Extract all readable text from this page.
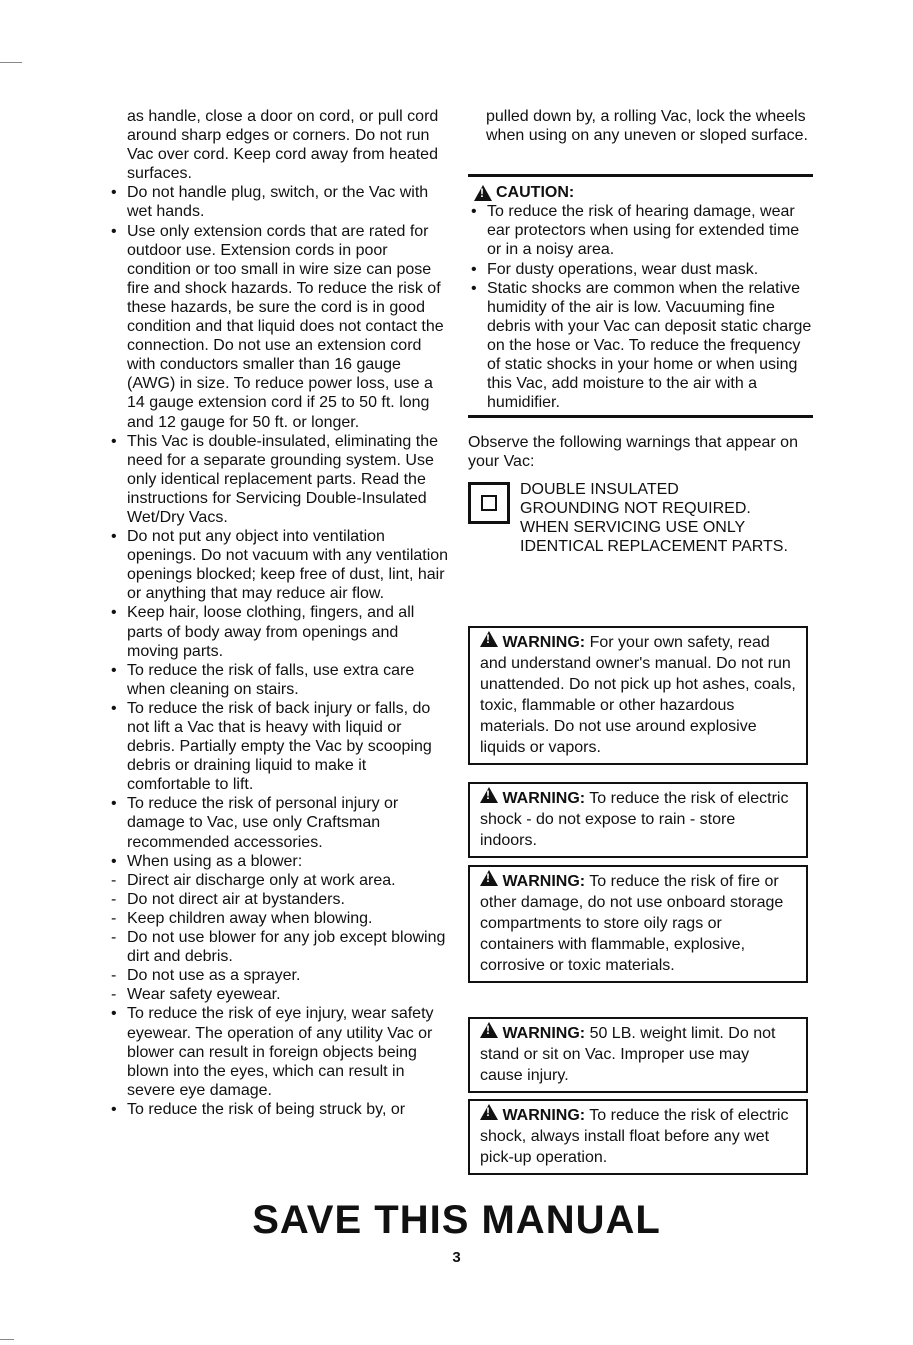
as handle, close a door on cord, or pull cord around sharp edges or corners. Do not run Vac over cord. Keep cord away from heated surfaces.
• Do not handle plug, switch, or the Vac with wet hands.
• Use only extension cords that are rated for outdoor use. Extension cords in poor condition or too small in wire size can pose fire and shock hazards. To reduce the risk of these hazards, be sure the cord is in good condition and that liquid does not contact the connection. Do not use an extension cord with conductors smaller than 16 gauge (AWG) in size. To reduce power loss, use a 14 gauge extension cord if 25 to 50 ft. long and 12 gauge for 50 ft. or longer.
• This Vac is double-insulated, eliminating the need for a separate grounding system. Use only identical replacement parts. Read the instructions for Servicing Double-Insulated Wet/Dry Vacs.
• Do not put any object into ventilation openings. Do not vacuum with any ventilation openings blocked; keep free of dust, lint, hair or anything that may reduce air flow.
• Keep hair, loose clothing, fingers, and all parts of body away from openings and moving parts.
• To reduce the risk of falls, use extra care when cleaning on stairs.
• To reduce the risk of back injury or falls, do not lift a Vac that is heavy with liquid or debris. Partially empty the Vac by scooping debris or draining liquid to make it comfortable to lift.
• To reduce the risk of personal injury or damage to Vac, use only Craftsman recommended accessories.
• When using as a blower:
- Direct air discharge only at work area.
- Do not direct air at bystanders.
- Keep children away when blowing.
- Do not use blower for any job except blowing dirt and debris.
- Do not use as a sprayer.
- Wear safety eyewear.
• To reduce the risk of eye injury, wear safety eyewear. The operation of any utility Vac or blower can result in foreign objects being blown into the eyes, which can result in severe eye damage.
• To reduce the risk of being struck by, or
pulled down by, a rolling Vac, lock the wheels when using on any uneven or sloped surface.
!
CAUTION:
• To reduce the risk of hearing damage, wear ear protectors when using for extended time or in a noisy area.
• For dusty operations, wear dust mask.
• Static shocks are common when the relative humidity of the air is low. Vacuuming fine debris with your Vac can deposit static charge on the hose or Vac. To reduce the frequency of static shocks in your home or when using this Vac, add moisture to the air with a humidifier.
Observe the following warnings that appear on your Vac:
DOUBLE INSULATED
GROUNDING NOT REQUIRED.
WHEN SERVICING USE ONLY
IDENTICAL REPLACEMENT PARTS.
! WARNING: For your own safety, read and understand owner's manual. Do not run unattended. Do not pick up hot ashes, coals, toxic, flammable or other hazardous materials. Do not use around explosive liquids or vapors.
! WARNING: To reduce the risk of electric shock - do not expose to rain - store indoors.
! WARNING: To reduce the risk of fire or other damage, do not use onboard storage compartments to store oily rags or containers with flammable, explosive, corrosive or toxic materials.
! WARNING: 50 LB. weight limit. Do not stand or sit on Vac. Improper use may cause injury.
! WARNING: To reduce the risk of electric shock, always install float before any wet pick-up operation.
SAVE THIS MANUAL
3
